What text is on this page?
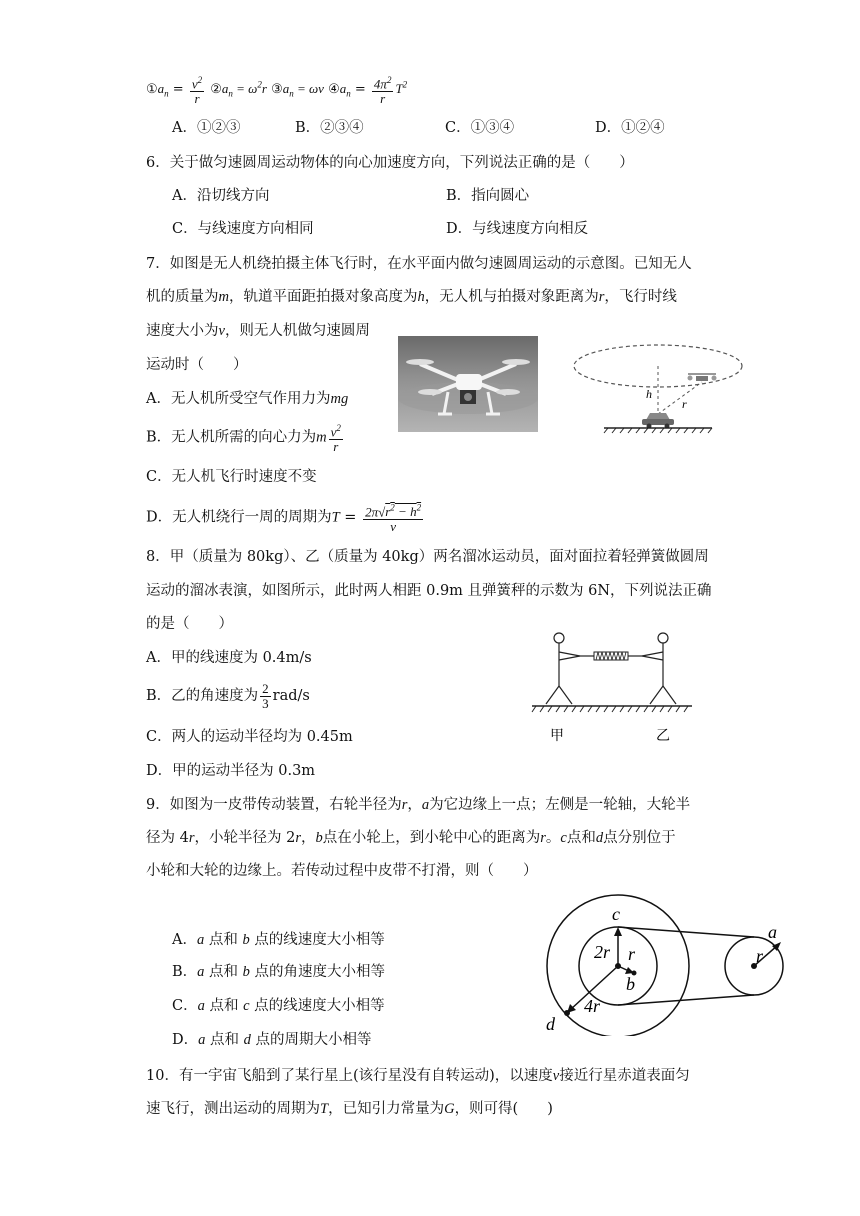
$①a_n = \frac{v^2}{r}$ $②a_n = \omega^2r$ $③a_n = \omega v$ $④a_n = \frac{4\pi^2}{r} T^2$
A．①②③	B．②③④	C．①③④	D．①②④
6．关于做匀速圆周运动物体的向心加速度方向，下列说法正确的是（　　）
A．沿切线方向	B．指向圆心
C．与线速度方向相同	D．与线速度方向相反
7．如图是无人机绕拍摄主体飞行时，在水平面内做匀速圆周运动的示意图。已知无人
机的质量为m，轨道平面距拍摄对象高度为h，无人机与拍摄对象距离为r，飞行时线
速度大小为v，则无人机做匀速圆周
运动时（　　）
A．无人机所受空气作用力为mg
B．无人机所需的向心力为m $\frac{v^2}{r}$
C．无人机飞行时速度不变
D．无人机绕行一周的周期为$T = \frac{2\pi√r^2 - h^2}{v}$
h
r
8．甲（质量为 80kg）、乙（质量为 40kg）两名溜冰运动员，面对面拉着轻弹簧做圆周
运动的溜冰表演，如图所示，此时两人相距 0.9m 且弹簧秤的示数为 6N，下列说法正确
的是（　　）
A．甲的线速度为 0.4m/s
B．乙的角速度为 $\frac{2}{3} rad/s$
C．两人的运动半径均为 0.45m
D．甲的运动半径为 0.3m
甲	乙
9．如图为一皮带传动装置，右轮半径为r，a为它边缘上一点；左侧是一轮轴，大轮半
径为 4r，小轮半径为 2r，b点在小轮上，到小轮中心的距离为r。c点和d点分别位于
小轮和大轮的边缘上。若传动过程中皮带不打滑，则（　　）
A．a 点和 b 点的线速度大小相等
B．a 点和 b 点的角速度大小相等
C．a 点和 c 点的线速度大小相等
D．a 点和 d 点的周期大小相等
c
2r r
b
4r
d
a
r
10．有一宇宙飞船到了某行星上(该行星没有自转运动)，以速度v接近行星赤道表面匀
速飞行，测出运动的周期为T，已知引力常量为G，则可得(　　)
